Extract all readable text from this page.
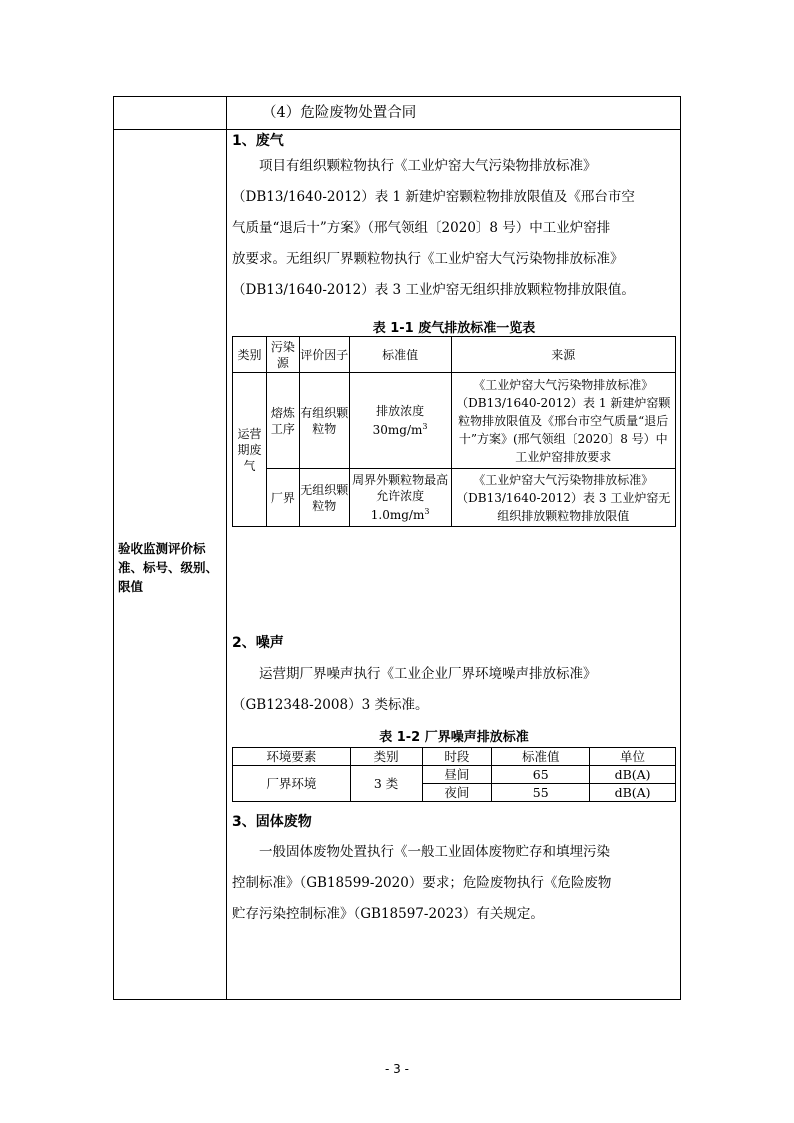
（4）危险废物处置合同
验收监测评价标准、标号、级别、限值
1、废气

项目有组织颗粒物执行《工业炉窑大气污染物排放标准》

（DB13/1640-2012）表 1 新建炉窑颗粒物排放限值及《邢台市空

气质量“退后十”方案》（邢气领组〔2020〕8 号）中工业炉窑排

放要求。无组织厂界颗粒物执行《工业炉窑大气污染物排放标准》

（DB13/1640-2012）表 3 工业炉窑无组织排放颗粒物排放限值。

表 1-1 废气排放标准一览表
类别	污染源	评价因子	标准值	来源
运营期废气	熔炼工序	有组织颗粒物	排放浓度
$30mg/m^3$	《工业炉窑大气污染物排放标准》（DB13/1640-2012）表 1 新建炉窑颗粒物排放限值及《邢台市空气质量“退后十”方案》(邢气领组〔2020〕8 号）中工业炉窑排放要求
	厂界	无组织颗粒物	周界外颗粒物最高允许浓度
$1.0mg/m^3$	《工业炉窑大气污染物排放标准》（DB13/1640-2012）表 3 工业炉窑无组织排放颗粒物排放限值
2、噪声

运营期厂界噪声执行《工业企业厂界环境噪声排放标准》

（GB12348-2008）3 类标准。

表 1-2 厂界噪声排放标准
环境要素	类别	时段	标准值	单位
厂界环境	3 类	昼间	65	dB(A)
		夜间	55	dB(A)
3、固体废物

一般固体废物处置执行《一般工业固体废物贮存和填埋污染

控制标准》（GB18599-2020）要求；危险废物执行《危险废物

贮存污染控制标准》（GB18597-2023）有关规定。

- 3 -
